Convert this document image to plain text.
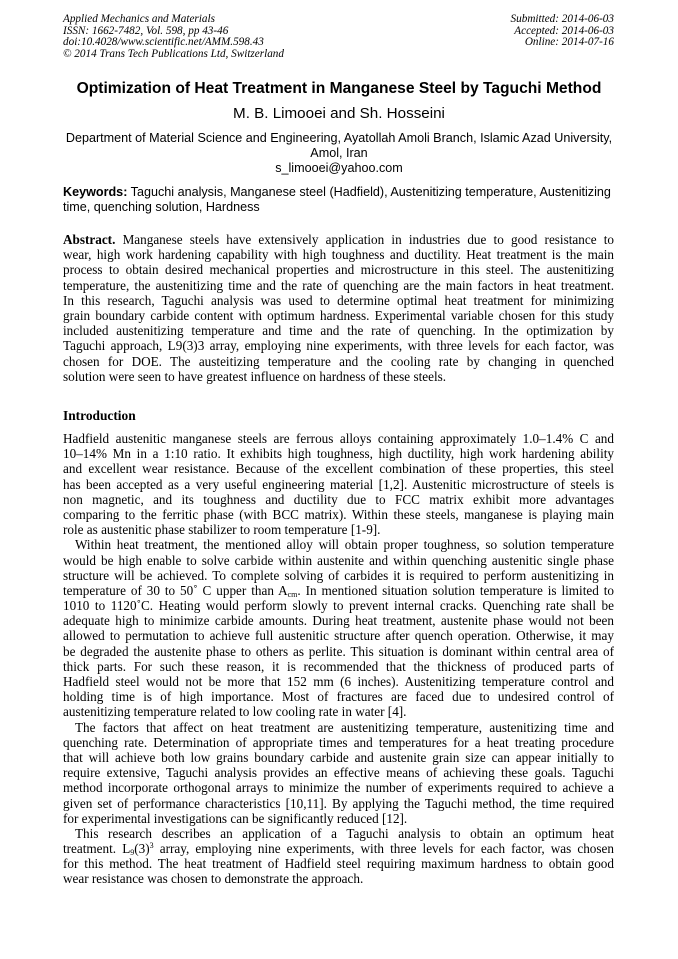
Applied Mechanics and Materials
ISSN: 1662-7482, Vol. 598, pp 43-46
doi:10.4028/www.scientific.net/AMM.598.43
© 2014 Trans Tech Publications Ltd, Switzerland
Submitted: 2014-06-03
Accepted: 2014-06-03
Online: 2014-07-16
Optimization of Heat Treatment in Manganese Steel by Taguchi Method
M. B. Limooei and Sh. Hosseini
Department of Material Science and Engineering, Ayatollah Amoli Branch, Islamic Azad University,
Amol, Iran
s_limooei@yahoo.com
Keywords: Taguchi analysis, Manganese steel (Hadfield), Austenitizing temperature, Austenitizing time, quenching solution, Hardness
Abstract. Manganese steels have extensively application in industries due to good resistance to
wear, high work hardening capability with high toughness and ductility. Heat treatment is the main
process to obtain desired mechanical properties and microstructure in this steel. The austenitizing
temperature, the austenitizing time and the rate of quenching are the main factors in heat treatment.
In this research, Taguchi analysis was used to determine optimal heat treatment for minimizing
grain boundary carbide content with optimum hardness. Experimental variable chosen for this study
included austenitizing temperature and time and the rate of quenching. In the optimization by
Taguchi approach, L9(3)3 array, employing nine experiments, with three levels for each factor, was
chosen for DOE. The austeitizing temperature and the cooling rate by changing in quenched
solution were seen to have greatest influence on hardness of these steels.
Introduction
Hadfield austenitic manganese steels are ferrous alloys containing approximately 1.0–1.4% C and
10–14% Mn in a 1:10 ratio. It exhibits high toughness, high ductility, high work hardening ability
and excellent wear resistance. Because of the excellent combination of these properties, this steel
has been accepted as a very useful engineering material [1,2]. Austenitic microstructure of steels is
non magnetic, and its toughness and ductility due to FCC matrix exhibit more advantages
comparing to the ferritic phase (with BCC matrix). Within these steels, manganese is playing main
role as austenitic phase stabilizer to room temperature [1-9].
Within heat treatment, the mentioned alloy will obtain proper toughness, so solution temperature
would be high enable to solve carbide within austenite and within quenching austenitic single phase
structure will be achieved. To complete solving of carbides it is required to perform austenitizing in
temperature of 30 to 50˚ C upper than $A_{cm}$. In mentioned situation solution temperature is limited to
1010 to 1120˚C. Heating would perform slowly to prevent internal cracks. Quenching rate shall be
adequate high to minimize carbide amounts. During heat treatment, austenite phase would not been
allowed to permutation to achieve full austenitic structure after quench operation. Otherwise, it may
be degraded the austenite phase to others as perlite. This situation is dominant within central area of
thick parts. For such these reason, it is recommended that the thickness of produced parts of
Hadfield steel would not be more that 152 mm (6 inches). Austenitizing temperature control and
holding time is of high importance. Most of fractures are faced due to undesired control of
austenitizing temperature related to low cooling rate in water [4].
The factors that affect on heat treatment are austenitizing temperature, austenitizing time and
quenching rate. Determination of appropriate times and temperatures for a heat treating procedure
that will achieve both low grains boundary carbide and austenite grain size can appear initially to
require extensive, Taguchi analysis provides an effective means of achieving these goals. Taguchi
method incorporate orthogonal arrays to minimize the number of experiments required to achieve a
given set of performance characteristics [10,11]. By applying the Taguchi method, the time required
for experimental investigations can be significantly reduced [12].
This research describes an application of a Taguchi analysis to obtain an optimum heat
treatment. $L_9(3)^3$ array, employing nine experiments, with three levels for each factor, was chosen
for this method. The heat treatment of Hadfield steel requiring maximum hardness to obtain good
wear resistance was chosen to demonstrate the approach.
